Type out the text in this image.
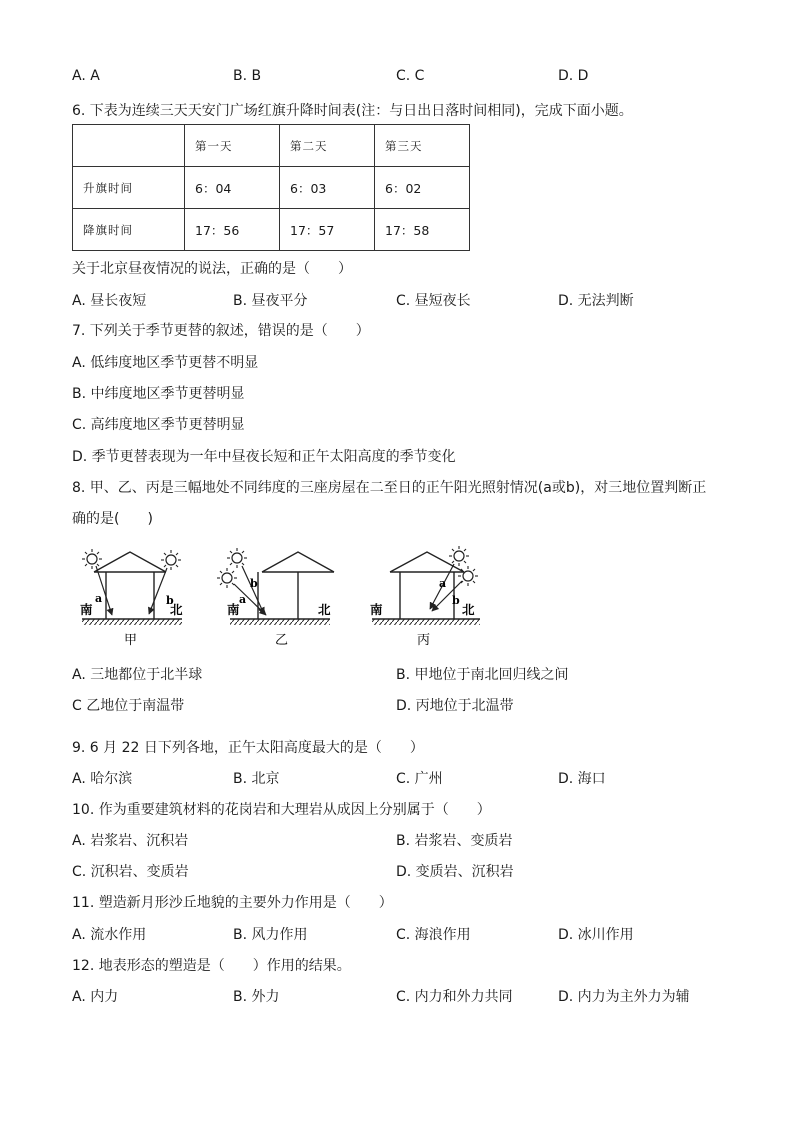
A. A	B. B	C. C	D. D
6. 下表为连续三天天安门广场红旗升降时间表(注：与日出日落时间相同)，完成下面小题。
	第一天	第二天	第三天
升旗时间	6：04	6：03	6：02
降旗时间	17：56	17：57	17：58
关于北京昼夜情况的说法，正确的是（　　）
A. 昼长夜短	B. 昼夜平分	C. 昼短夜长	D. 无法判断
7. 下列关于季节更替的叙述，错误的是（　　）
A. 低纬度地区季节更替不明显
B. 中纬度地区季节更替明显
C. 高纬度地区季节更替明显
D. 季节更替表现为一年中昼夜长短和正午太阳高度的季节变化
8. 甲、乙、丙是三幅地处不同纬度的三座房屋在二至日的正午阳光照射情况(a或b)，对三地位置判断正
确的是(　　)
a	b
南	北
甲
b
a
南	北
乙
a
b
南	北
丙
A. 三地都位于北半球	B. 甲地位于南北回归线之间
C 乙地位于南温带	D. 丙地位于北温带
9. 6 月 22 日下列各地，正午太阳高度最大的是（　　）
A. 哈尔滨	B. 北京	C. 广州	D. 海口
10. 作为重要建筑材料的花岗岩和大理岩从成因上分别属于（　　）
A. 岩浆岩、沉积岩	B. 岩浆岩、变质岩
C. 沉积岩、变质岩	D. 变质岩、沉积岩
11. 塑造新月形沙丘地貌的主要外力作用是（　　）
A. 流水作用	B. 风力作用	C. 海浪作用	D. 冰川作用
12. 地表形态的塑造是（　　）作用的结果。
A. 内力	B. 外力	C. 内力和外力共同	D. 内力为主外力为辅
